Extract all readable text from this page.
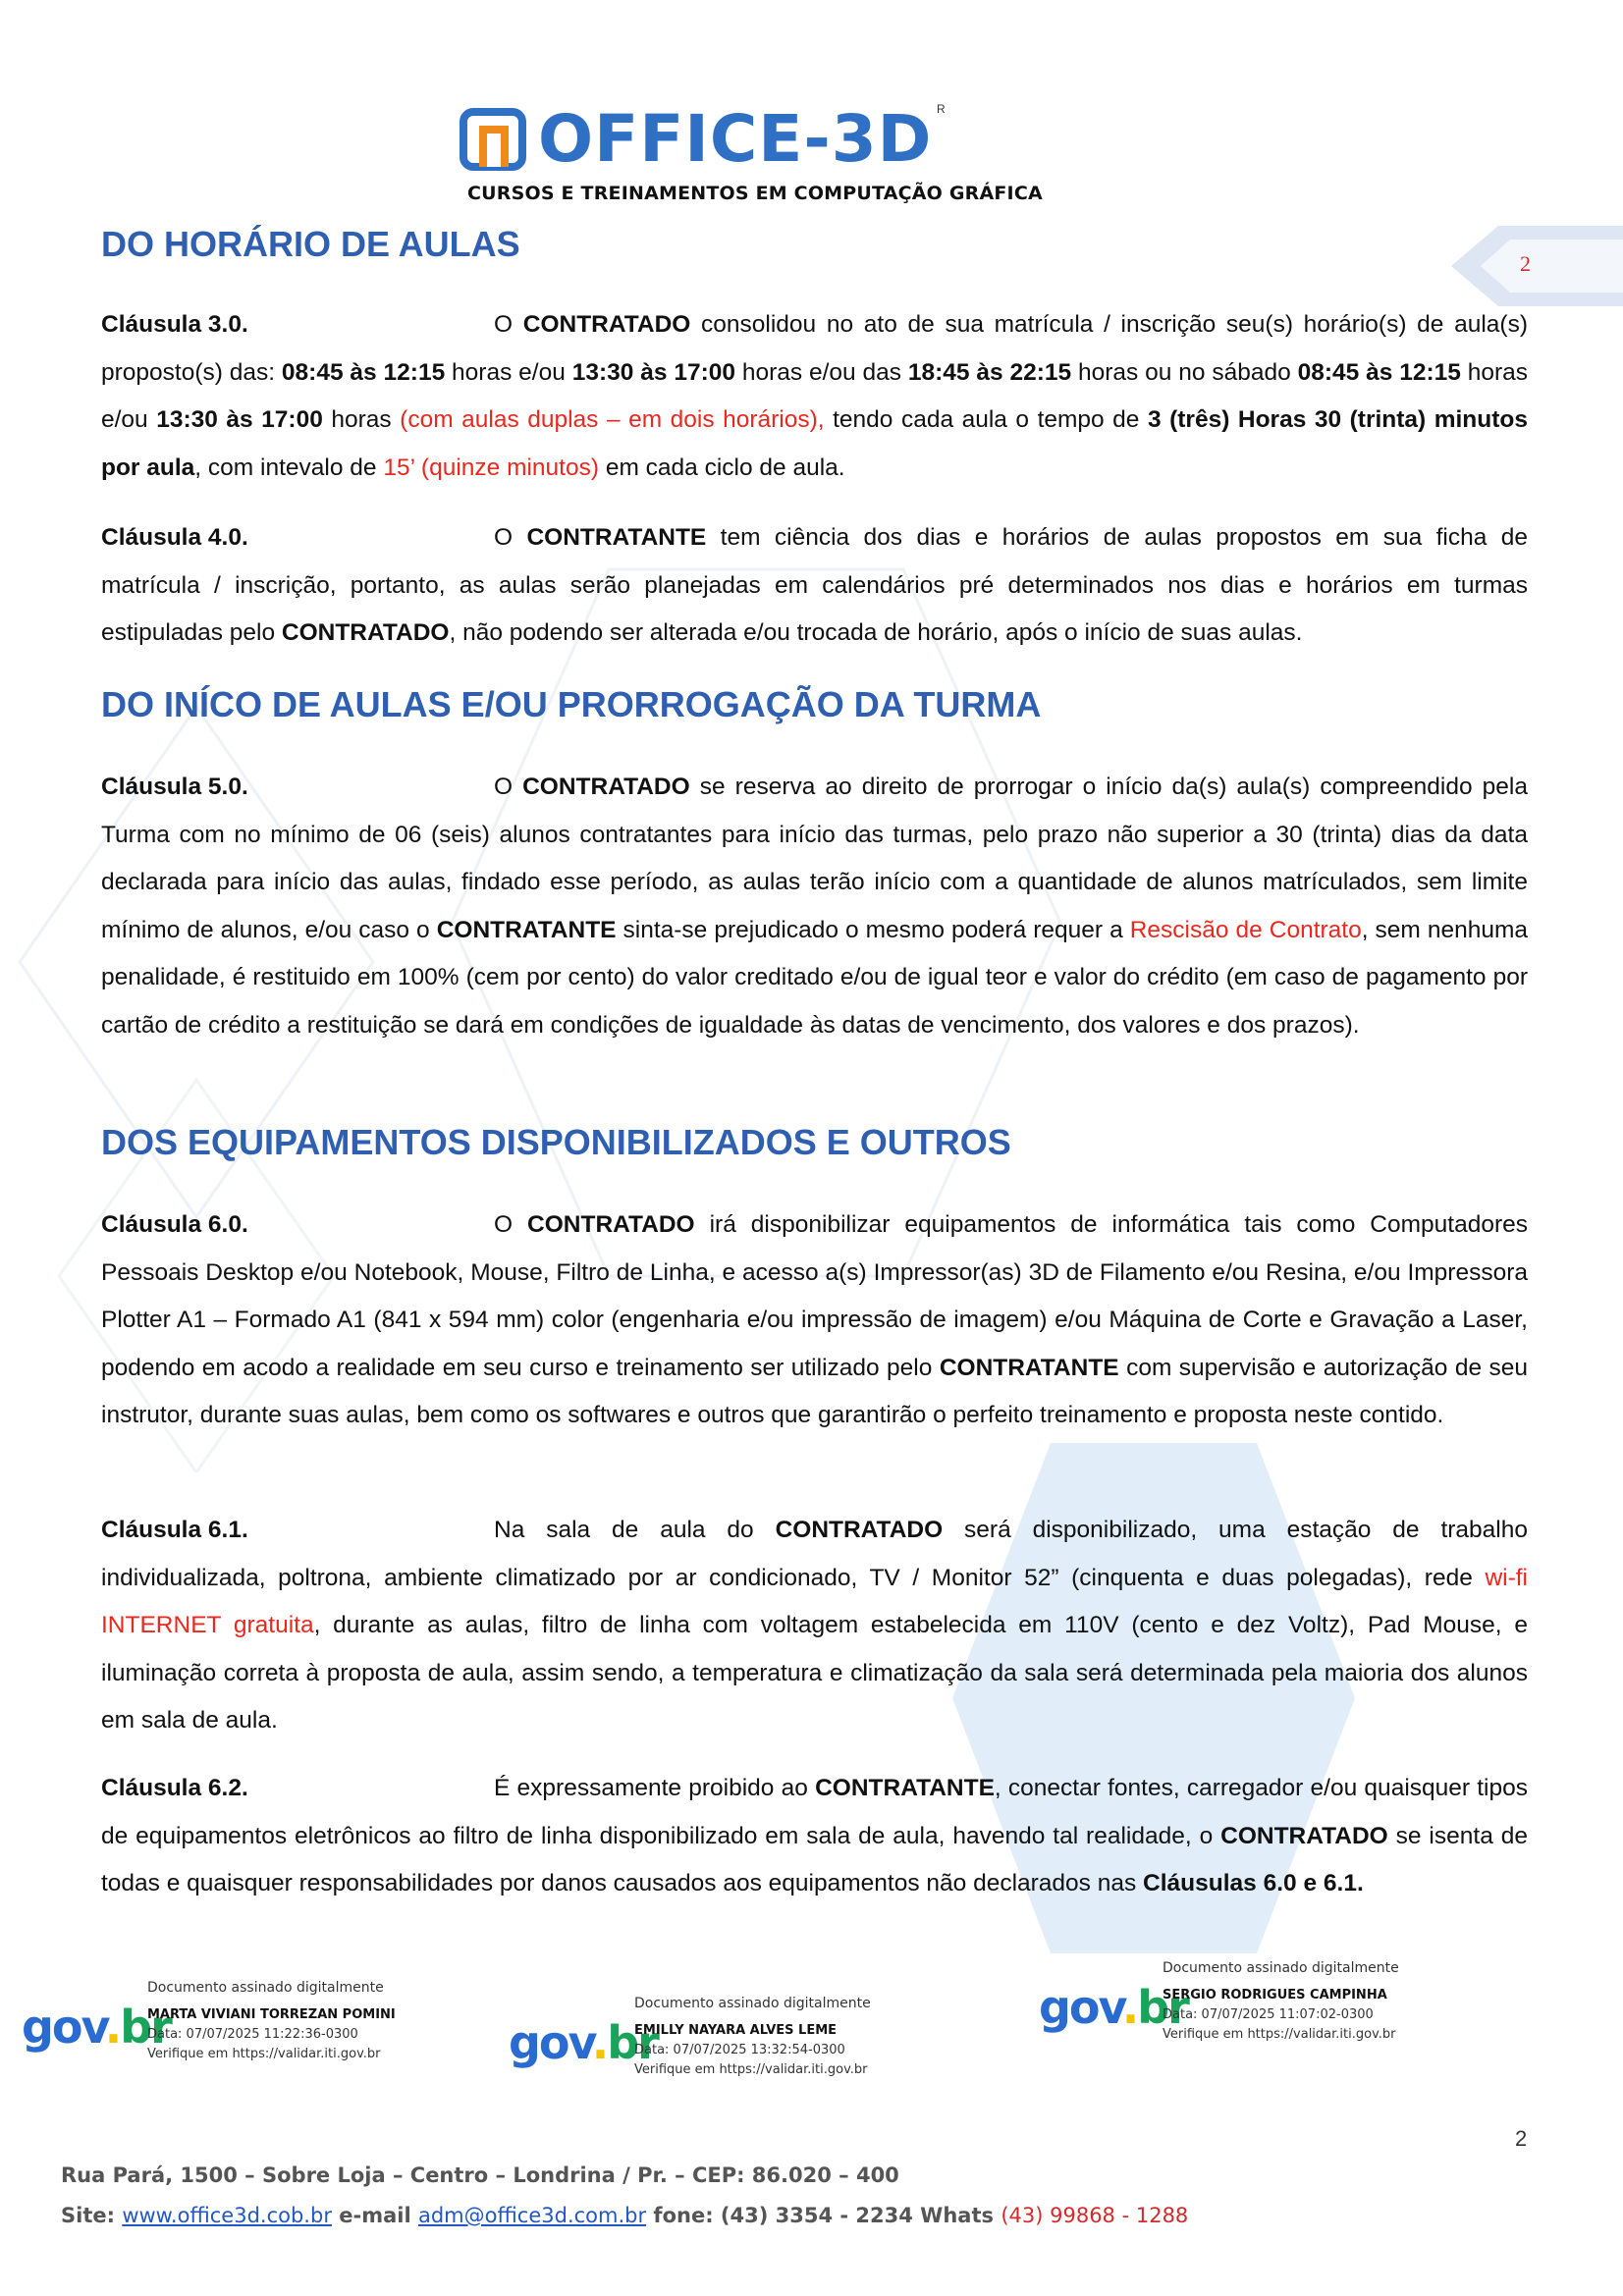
OFFICE-3D R
CURSOS E TREINAMENTOS EM COMPUTAÇÃO GRÁFICA
2
DO HORÁRIO DE AULAS
Cláusula 3.0.	O CONTRATADO consolidou no ato de sua matrícula / inscrição seu(s) horário(s) de aula(s) proposto(s) das: 08:45 às 12:15 horas e/ou 13:30 às 17:00 horas e/ou das 18:45 às 22:15 horas ou no sábado 08:45 às 12:15 horas e/ou 13:30 às 17:00 horas (com aulas duplas – em dois horários), tendo cada aula o tempo de 3 (três) Horas 30 (trinta) minutos por aula, com intevalo de 15’ (quinze minutos) em cada ciclo de aula.
Cláusula 4.0.	O CONTRATANTE tem ciência dos dias e horários de aulas propostos em sua ficha de matrícula / inscrição, portanto, as aulas serão planejadas em calendários pré determinados nos dias e horários em turmas estipuladas pelo CONTRATADO, não podendo ser alterada e/ou trocada de horário, após o início de suas aulas.
DO INÍCO DE AULAS E/OU PRORROGAÇÃO DA TURMA
Cláusula 5.0.	O CONTRATADO se reserva ao direito de prorrogar o início da(s) aula(s) compreendido pela Turma com no mínimo de 06 (seis) alunos contratantes para início das turmas, pelo prazo não superior a 30 (trinta) dias da data declarada para início das aulas, findado esse período, as aulas terão início com a quantidade de alunos matrículados, sem limite mínimo de alunos, e/ou caso o CONTRATANTE sinta-se prejudicado o mesmo poderá requer a Rescisão de Contrato, sem nenhuma penalidade, é restituido em 100% (cem por cento) do valor creditado e/ou de igual teor e valor do crédito (em caso de pagamento por cartão de crédito a restituição se dará em condições de igualdade às datas de vencimento, dos valores e dos prazos).
DOS EQUIPAMENTOS DISPONIBILIZADOS E OUTROS
Cláusula 6.0.	O CONTRATADO irá disponibilizar equipamentos de informática tais como Computadores Pessoais Desktop e/ou Notebook, Mouse, Filtro de Linha, e acesso a(s) Impressor(as) 3D de Filamento e/ou Resina, e/ou Impressora Plotter A1 – Formado A1 (841 x 594 mm) color (engenharia e/ou impressão de imagem) e/ou Máquina de Corte e Gravação a Laser, podendo em acodo a realidade em seu curso e treinamento ser utilizado pelo CONTRATANTE com supervisão e autorização de seu instrutor, durante suas aulas, bem como os softwares e outros que garantirão o perfeito treinamento e proposta neste contido.
Cláusula 6.1.	Na sala de aula do CONTRATADO será disponibilizado, uma estação de trabalho individualizada, poltrona, ambiente climatizado por ar condicionado, TV / Monitor 52” (cinquenta e duas polegadas), rede wi-fi INTERNET gratuita, durante as aulas, filtro de linha com voltagem estabelecida em 110V (cento e dez Voltz), Pad Mouse, e iluminação correta à proposta de aula, assim sendo, a temperatura e climatização da sala será determinada pela maioria dos alunos em sala de aula.
Cláusula 6.2.	É expressamente proibido ao CONTRATANTE, conectar fontes, carregador e/ou quaisquer tipos de equipamentos eletrônicos ao filtro de linha disponibilizado em sala de aula, havendo tal realidade, o CONTRATADO se isenta de todas e quaisquer responsabilidades por danos causados aos equipamentos não declarados nas Cláusulas 6.0 e 6.1.
gov.br
Documento assinado digitalmente
MARTA VIVIANI TORREZAN POMINI
Data: 07/07/2025 11:22:36-0300
Verifique em https://validar.iti.gov.br	gov.br
Documento assinado digitalmente
EMILLY NAYARA ALVES LEME
Data: 07/07/2025 13:32:54-0300
Verifique em https://validar.iti.gov.br
gov.br
Documento assinado digitalmente
SERGIO RODRIGUES CAMPINHA
Data: 07/07/2025 11:07:02-0300
Verifique em https://validar.iti.gov.br
2
Rua Pará, 1500 – Sobre Loja – Centro – Londrina / Pr. – CEP: 86.020 – 400
Site: www.office3d.cob.br e-mail adm@office3d.com.br fone: (43) 3354 - 2234 Whats (43) 99868 - 1288
